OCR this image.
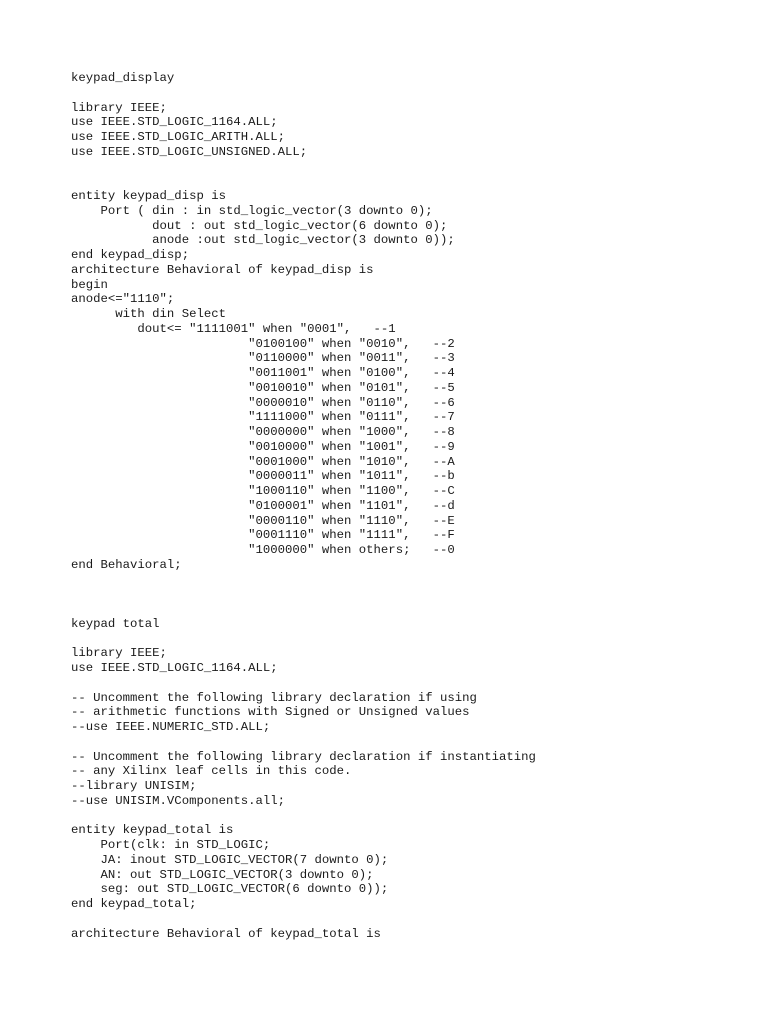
keypad_display
library IEEE;
use IEEE.STD_LOGIC_1164.ALL;
use IEEE.STD_LOGIC_ARITH.ALL;
use IEEE.STD_LOGIC_UNSIGNED.ALL;
entity keypad_disp is
Port ( din : in std_logic_vector(3 downto 0);
dout : out std_logic_vector(6 downto 0);
anode :out std_logic_vector(3 downto 0));
end keypad_disp;
architecture Behavioral of keypad_disp is
begin
anode<="1110";
with din Select
dout<= "1111001" when "0001",   --1
"0100100" when "0010",   --2
"0110000" when "0011",   --3
"0011001" when "0100",   --4
"0010010" when "0101",   --5
"0000010" when "0110",   --6
"1111000" when "0111",   --7
"0000000" when "1000",   --8
"0010000" when "1001",   --9
"0001000" when "1010",   --A
"0000011" when "1011",   --b
"1000110" when "1100",   --C
"0100001" when "1101",   --d
"0000110" when "1110",   --E
"0001110" when "1111",   --F
"1000000" when others;   --0
end Behavioral;
keypad total
library IEEE;
use IEEE.STD_LOGIC_1164.ALL;
-- Uncomment the following library declaration if using
-- arithmetic functions with Signed or Unsigned values
--use IEEE.NUMERIC_STD.ALL;
-- Uncomment the following library declaration if instantiating
-- any Xilinx leaf cells in this code.
--library UNISIM;
--use UNISIM.VComponents.all;
entity keypad_total is
Port(clk: in STD_LOGIC;
JA: inout STD_LOGIC_VECTOR(7 downto 0);
AN: out STD_LOGIC_VECTOR(3 downto 0);
seg: out STD_LOGIC_VECTOR(6 downto 0));
end keypad_total;
architecture Behavioral of keypad_total is
